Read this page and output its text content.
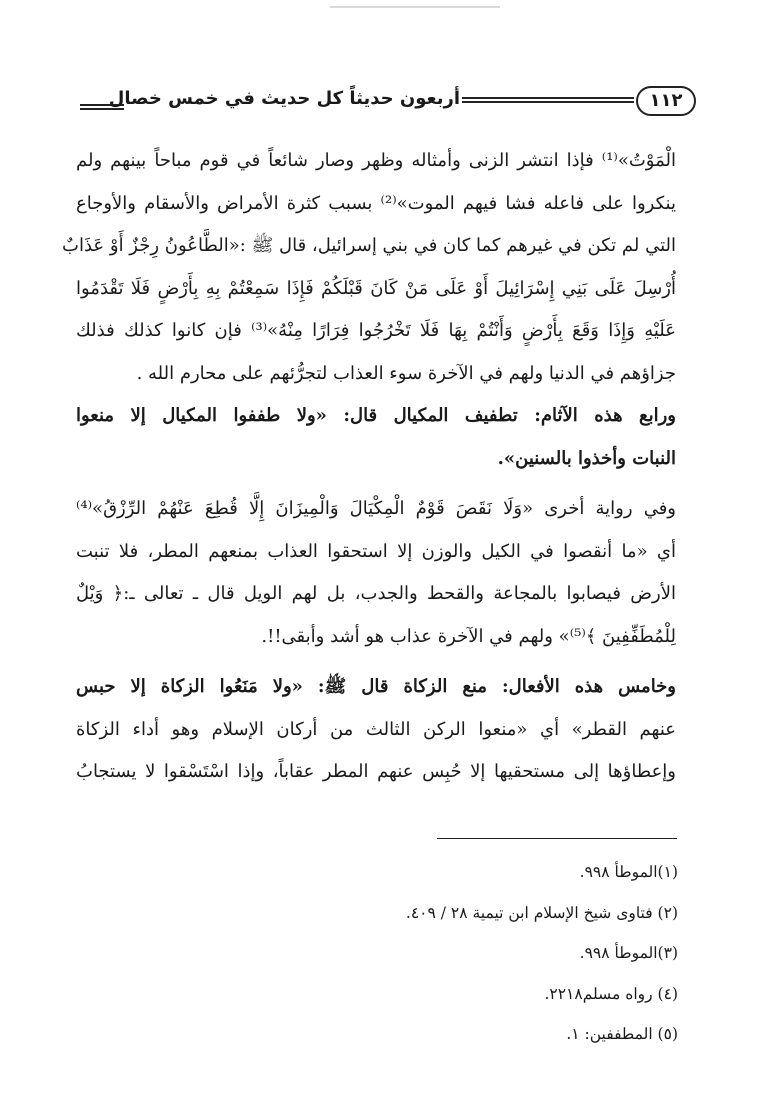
أربعون حديثاً كل حديث في خمس خصال	١١٢
الْمَوْتُ»⁽¹⁾ فإذا انتشر الزنى وأمثاله وظهر وصار شائعاً في قوم مباحاً بينهم ولم
ينكروا على فاعله فشا فيهم الموت»⁽²⁾ بسبب كثرة الأمراض والأسقام والأوجاع
التي لم تكن في غيرهم كما كان في بني إسرائيل، قال ﷺ :«الطَّاعُونُ رِجْزٌ أَوْ عَذَابٌ
أُرْسِلَ عَلَى بَنِي إِسْرَائِيلَ أَوْ عَلَى مَنْ كَانَ قَبْلَكُمْ فَإِذَا سَمِعْتُمْ بِهِ بِأَرْضٍ فَلَا تَقْدَمُوا
عَلَيْهِ وَإِذَا وَقَعَ بِأَرْضٍ وَأَنْتُمْ بِهَا فَلَا تَخْرُجُوا فِرَارًا مِنْهُ»⁽³⁾ فإن كانوا كذلك فذلك
جزاؤهم في الدنيا ولهم في الآخرة سوء العذاب لتجرُّئهم على محارم الله .
ورابع هذه الآثام: تطفيف المكيال قال: «ولا طففوا المكيال إلا منعوا
النبات وأخذوا بالسنين».
وفي رواية أخرى «وَلَا نَقَصَ قَوْمٌ الْمِكْيَالَ وَالْمِيزَانَ إِلَّا قُطِعَ عَنْهُمْ الرِّزْقُ»⁽⁴⁾
أي «ما أنقصوا في الكيل والوزن إلا استحقوا العذاب بمنعهم المطر، فلا تنبت
الأرض فيصابوا بالمجاعة والقحط والجدب، بل لهم الويل قال ـ تعالى ـ:﴿ وَيْلٌ
لِلْمُطَفِّفِينَ ﴾⁽⁵⁾» ولهم في الآخرة عذاب هو أشد وأبقى!!.
وخامس هذه الأفعال: منع الزكاة قال ﷺ: «ولا مَنَعُوا الزكاة إلا حبس
عنهم القطر» أي «منعوا الركن الثالث من أركان الإسلام وهو أداء الزكاة
وإعطاؤها إلى مستحقيها إلا حُبِس عنهم المطر عقاباً، وإذا اسْتَسْقوا لا يستجابُ
(١)الموطأ ٩٩٨.
(٢) فتاوى شيخ الإسلام ابن تيمية ٢٨ / ٤٠٩.
(٣)الموطأ ٩٩٨.
(٤) رواه مسلم٢٢١٨.
(٥) المطففين: ١.
